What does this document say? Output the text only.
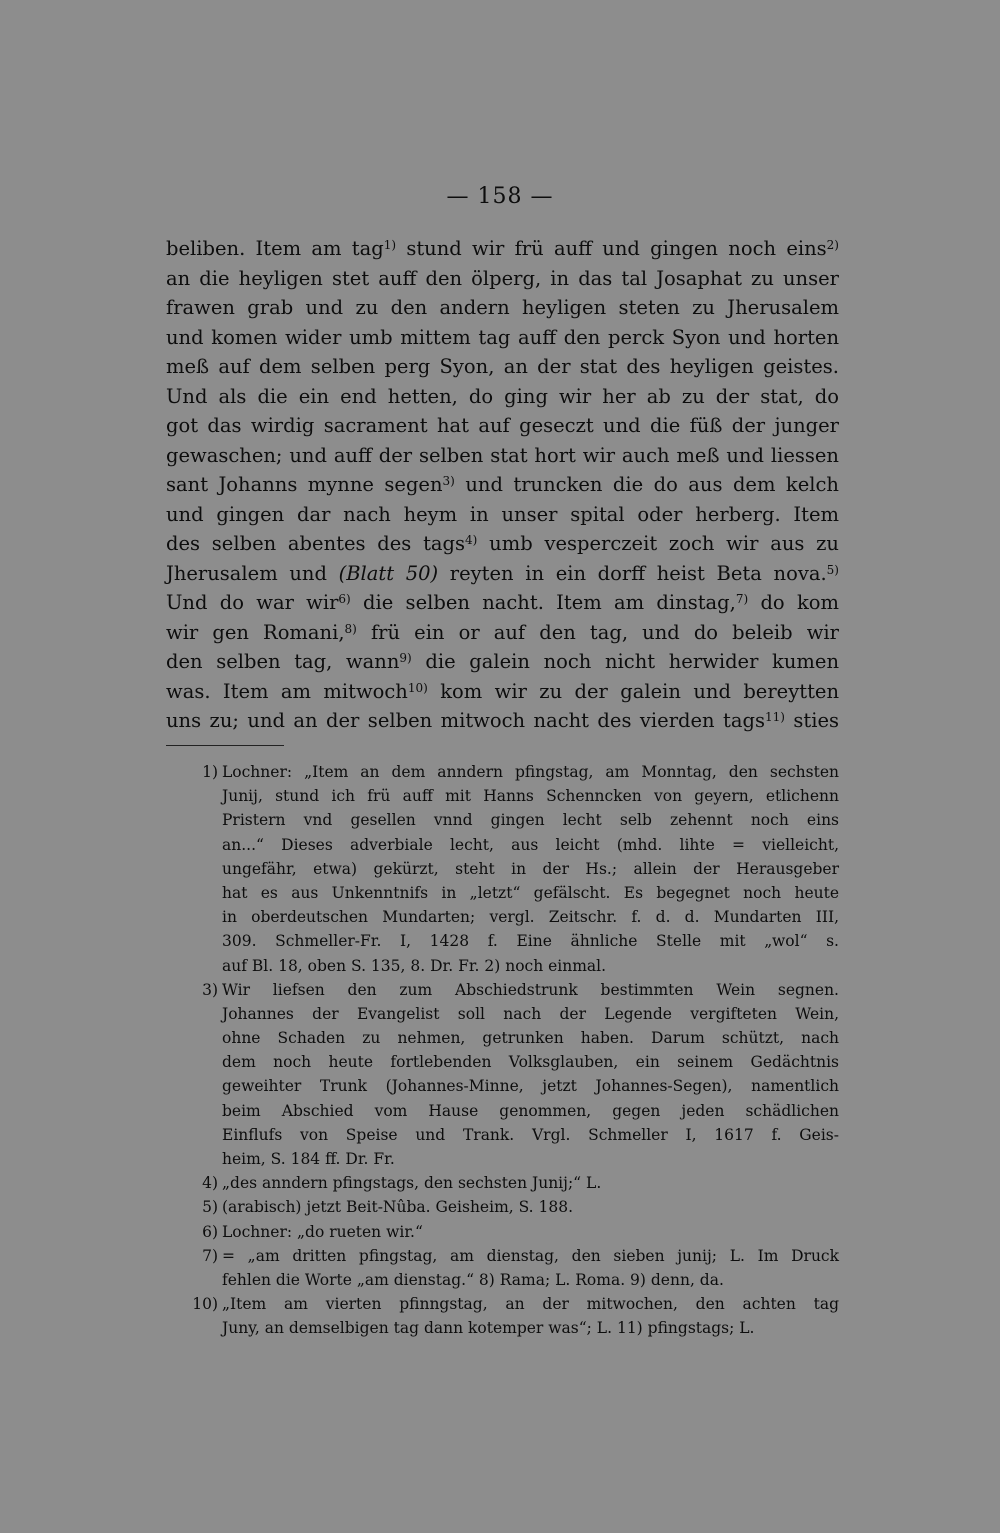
— 158 —
beliben. Item am tag$^{1)}$ stund wir frü auff und gingen noch eins$^{2)}$
an die heyligen stet auff den ölperg, in das tal Josaphat zu unser
frawen grab und zu den andern heyligen steten zu Jherusalem
und komen wider umb mittem tag auff den perck Syon und horten
meß auf dem selben perg Syon, an der stat des heyligen geistes.
Und als die ein end hetten, do ging wir her ab zu der stat, do
got das wirdig sacrament hat auf geseczt und die füß der junger
gewaschen; und auff der selben stat hort wir auch meß und liessen
sant Johanns mynne segen$^{3)}$ und truncken die do aus dem kelch
und gingen dar nach heym in unser spital oder herberg. Item
des selben abentes des tags$^{4)}$ umb vesperczeit zoch wir aus zu
Jherusalem und (Blatt 50) reyten in ein dorff heist Beta nova.$^{5)}$
Und do war wir$^{6)}$ die selben nacht. Item am dinstag,$^{7)}$ do kom
wir gen Romani,$^{8)}$ frü ein or auf den tag, und do beleib wir
den selben tag, wann$^{9)}$ die galein noch nicht herwider kumen
was. Item am mitwoch$^{10)}$ kom wir zu der galein und bereytten
uns zu; und an der selben mitwoch nacht des vierden tags$^{11)}$ sties
1) Lochner: „Item an dem anndern pfingstag, am Monntag, den sechsten
Junij, stund ich frü auff mit Hanns Schenncken von geyern, etlichenn
Pristern vnd gesellen vnnd gingen lecht selb zehennt noch eins
an...“ Dieses adverbiale lecht, aus leicht (mhd. lihte = vielleicht,
ungefähr, etwa) gekürzt, steht in der Hs.; allein der Herausgeber
hat es aus Unkenntnifs in „letzt“ gefälscht. Es begegnet noch heute
in oberdeutschen Mundarten; vergl. Zeitschr. f. d. d. Mundarten III,
309. Schmeller-Fr. I, 1428 f. Eine ähnliche Stelle mit „wol“ s.
auf Bl. 18, oben S. 135, 8. Dr. Fr. 2) noch einmal.
3) Wir liefsen den zum Abschiedstrunk bestimmten Wein segnen.
Johannes der Evangelist soll nach der Legende vergifteten Wein,
ohne Schaden zu nehmen, getrunken haben. Darum schützt, nach
dem noch heute fortlebenden Volksglauben, ein seinem Gedächtnis
geweihter Trunk (Johannes-Minne, jetzt Johannes-Segen), namentlich
beim Abschied vom Hause genommen, gegen jeden schädlichen
Einflufs von Speise und Trank. Vrgl. Schmeller I, 1617 f. Geis-
heim, S. 184 ff. Dr. Fr.
4) „des anndern pfingstags, den sechsten Junij;“ L.
5) (arabisch) jetzt Beit-Nûba. Geisheim, S. 188.
6) Lochner: „do rueten wir.“
7) = „am dritten pfingstag, am dienstag, den sieben junij; L. Im Druck
fehlen die Worte „am dienstag.“ 8) Rama; L. Roma. 9) denn, da.
10) „Item am vierten pfinngstag, an der mitwochen, den achten tag
Juny, an demselbigen tag dann kotemper was“; L. 11) pfingstags; L.
